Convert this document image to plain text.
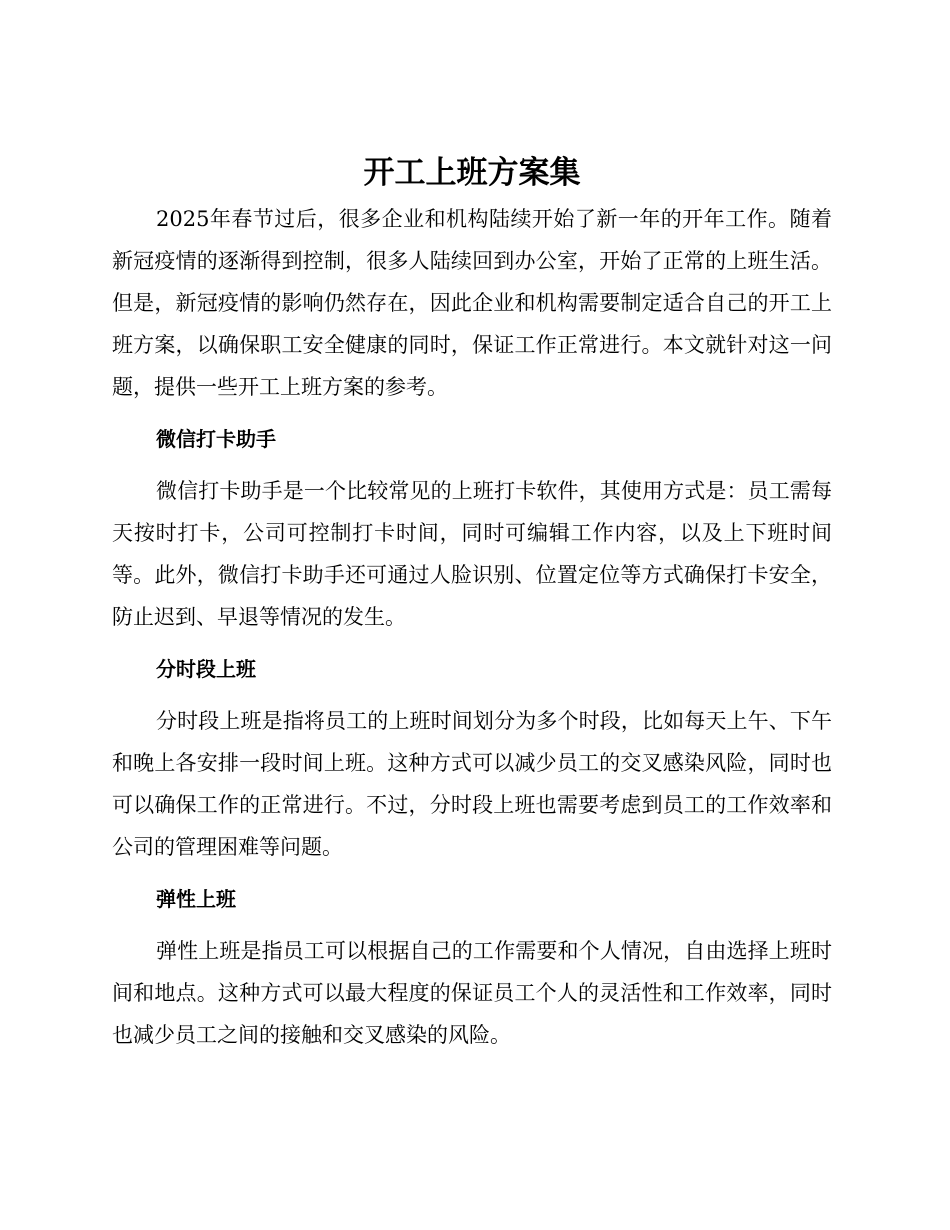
开工上班方案集

2025年春节过后，很多企业和机构陆续开始了新一年的开年工作。随着新冠疫情的逐渐得到控制，很多人陆续回到办公室，开始了正常的上班生活。但是，新冠疫情的影响仍然存在，因此企业和机构需要制定适合自己的开工上班方案，以确保职工安全健康的同时，保证工作正常进行。本文就针对这一问题，提供一些开工上班方案的参考。

微信打卡助手

微信打卡助手是一个比较常见的上班打卡软件，其使用方式是：员工需每天按时打卡，公司可控制打卡时间，同时可编辑工作内容，以及上下班时间等。此外，微信打卡助手还可通过人脸识别、位置定位等方式确保打卡安全，防止迟到、早退等情况的发生。

分时段上班

分时段上班是指将员工的上班时间划分为多个时段，比如每天上午、下午和晚上各安排一段时间上班。这种方式可以减少员工的交叉感染风险，同时也可以确保工作的正常进行。不过，分时段上班也需要考虑到员工的工作效率和公司的管理困难等问题。

弹性上班

弹性上班是指员工可以根据自己的工作需要和个人情况，自由选择上班时间和地点。这种方式可以最大程度的保证员工个人的灵活性和工作效率，同时也减少员工之间的接触和交叉感染的风险。
